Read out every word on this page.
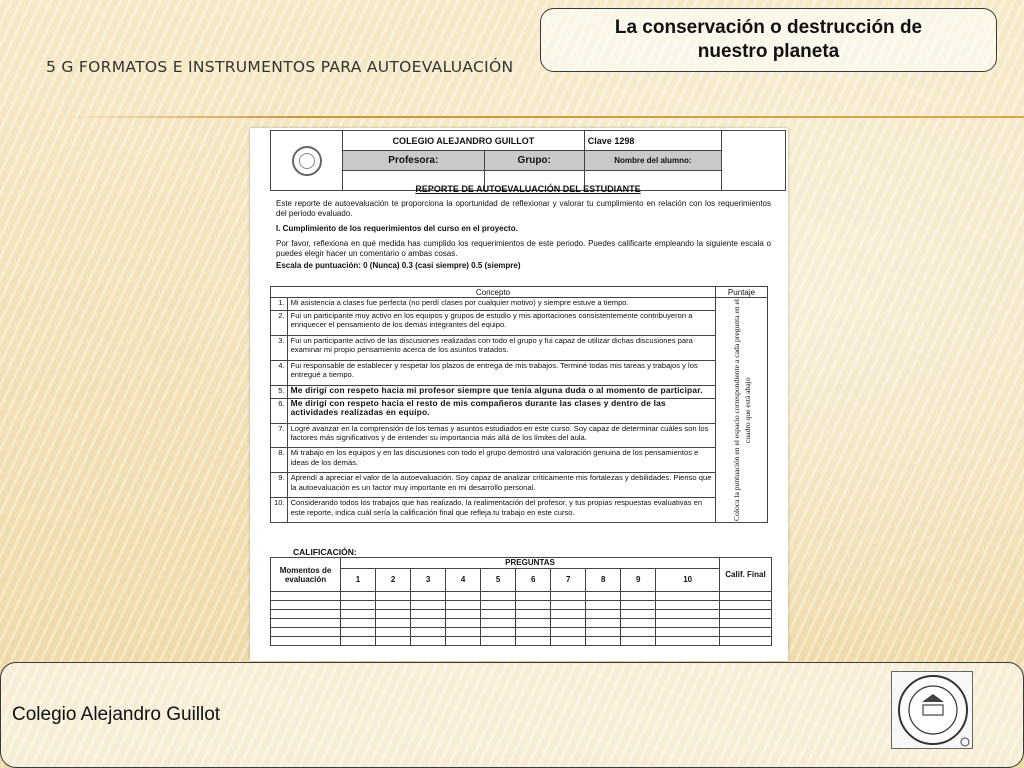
La conservación o destrucción de nuestro planeta
5 G FORMATOS E INSTRUMENTOS PARA AUTOEVALUACIÓN
	COLEGIO ALEJANDRO GUILLOT		Clave 1298	
	Profesora:	Grupo:	Nombre del alumno:	

REPORTE DE AUTOEVALUACIÓN DEL ESTUDIANTE
Este reporte de autoevaluación te proporciona la oportunidad de reflexionar y valorar tu cumplimiento en relación con los requerimientos del periodo evaluado.
I. Cumplimiento de los requerimientos del curso en el proyecto.
Por favor, reflexiona en qué medida has cumplido los requerimientos de este periodo. Puedes calificarte empleando la siguiente escala o puedes elegir hacer un comentario o ambas cosas.
Escala de puntuación: 0 (Nunca) 0.3 (casi siempre) 0.5 (siempre)
Concepto		Puntaje
1.	Mi asistencia a clases fue perfecta (no perdí clases por cualquier motivo) y siempre estuve a tiempo.	Coloca la puntuación en el espacio correspondiente a cada pregunta en el cuadro que está abajo

2.	Fui un participante muy activo en los equipos y grupos de estudio y mis aportaciones consistentemente contribuyeron a enriquecer el pensamiento de los demás integrantes del equipo.	
3.	Fui un participante activo de las discusiones realizadas con todo el grupo y fui capaz de utilizar dichas discusiones para examinar mi propio pensamiento acerca de los asuntos tratados.	
4.	Fui responsable de establecer y respetar los plazos de entrega de mis trabajos. Terminé todas mis tareas y trabajos y los entregué a tiempo.	
5.	Me dirigí con respeto hacia mi profesor siempre que tenía alguna duda o al momento de participar.	
6.	Me dirigí con respeto hacia el resto de mis compañeros durante las clases y dentro de las actividades realizadas en equipo.	
7.	Logré avanzar en la comprensión de los temas y asuntos estudiados en este curso. Soy capaz de determinar cuáles son los factores más significativos y de entender su importancia más allá de los límites del aula.	
8.	Mi trabajo en los equipos y en las discusiones con todo el grupo demostró una valoración genuina de los pensamientos e ideas de los demás.	
9.	Aprendí a apreciar el valor de la autoevaluación. Soy capaz de analizar críticamente mis fortalezas y debilidades. Pienso que la autoevaluación es un factor muy importante en mi desarrollo personal.	
10.	Considerando todos los trabajos que has realizado, la realimentación del profesor, y tus propias respuestas evaluativas en este reporte, indica cuál sería la calificación final que refleja tu trabajo en este curso.	
CALIFICACIÓN:
Momentos de evaluación	PREGUNTAS										Calif. Final
	1	2	3	4	5	6	7	8	9	10	

Colegio Alejandro Guillot
